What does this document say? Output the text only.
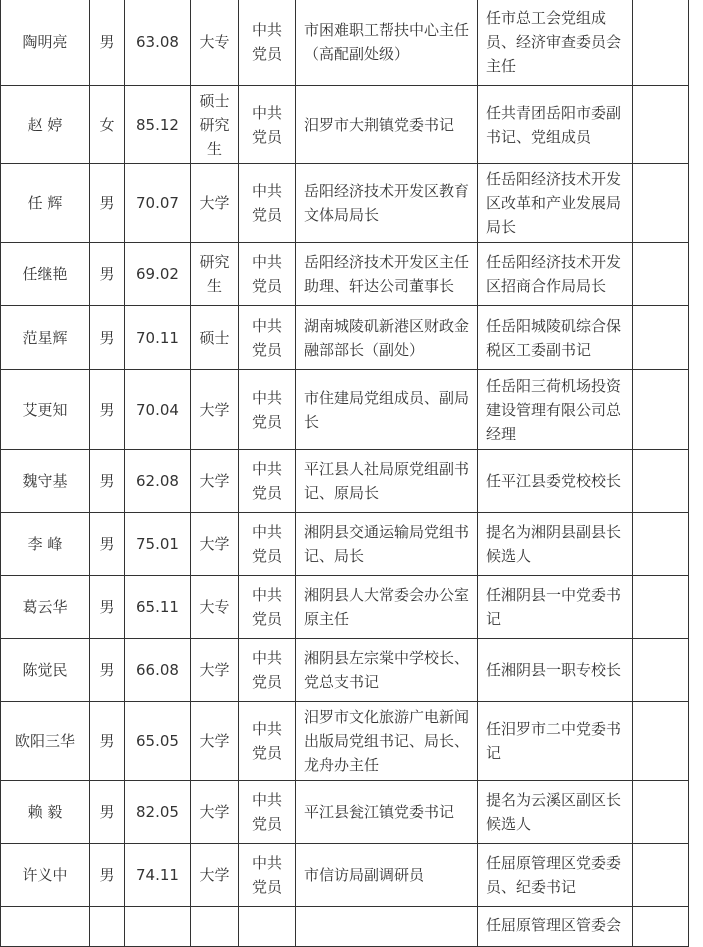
陶明亮	男	63.08	大专	中共党员	市困难职工帮扶中心主任（高配副处级）	任市总工会党组成员、经济审查委员会主任	
赵 婷	女	85.12	硕士研究生	中共党员	汨罗市大荆镇党委书记	任共青团岳阳市委副书记、党组成员	
任 辉	男	70.07	大学	中共党员	岳阳经济技术开发区教育文体局局长	任岳阳经济技术开发区改革和产业发展局局长	
任继艳	男	69.02	研究生	中共党员	岳阳经济技术开发区主任助理、轩达公司董事长	任岳阳经济技术开发区招商合作局局长	
范星辉	男	70.11	硕士	中共党员	湖南城陵矶新港区财政金融部部长（副处）	任岳阳城陵矶综合保税区工委副书记	
艾更知	男	70.04	大学	中共党员	市住建局党组成员、副局长	任岳阳三荷机场投资建设管理有限公司总经理	
魏守基	男	62.08	大学	中共党员	平江县人社局原党组副书记、原局长	任平江县委党校校长	
李 峰	男	75.01	大学	中共党员	湘阴县交通运输局党组书记、局长	提名为湘阴县副县长候选人	
葛云华	男	65.11	大专	中共党员	湘阴县人大常委会办公室原主任	任湘阴县一中党委书记	
陈觉民	男	66.08	大学	中共党员	湘阴县左宗棠中学校长、党总支书记	任湘阴县一职专校长	
欧阳三华	男	65.05	大学	中共党员	汨罗市文化旅游广电新闻出版局党组书记、局长、龙舟办主任	任汨罗市二中党委书记	
赖 毅	男	82.05	大学	中共党员	平江县瓮江镇党委书记	提名为云溪区副区长候选人	
许义中	男	74.11	大学	中共党员	市信访局副调研员	任屈原管理区党委委员、纪委书记	
						任屈原管理区管委会	
